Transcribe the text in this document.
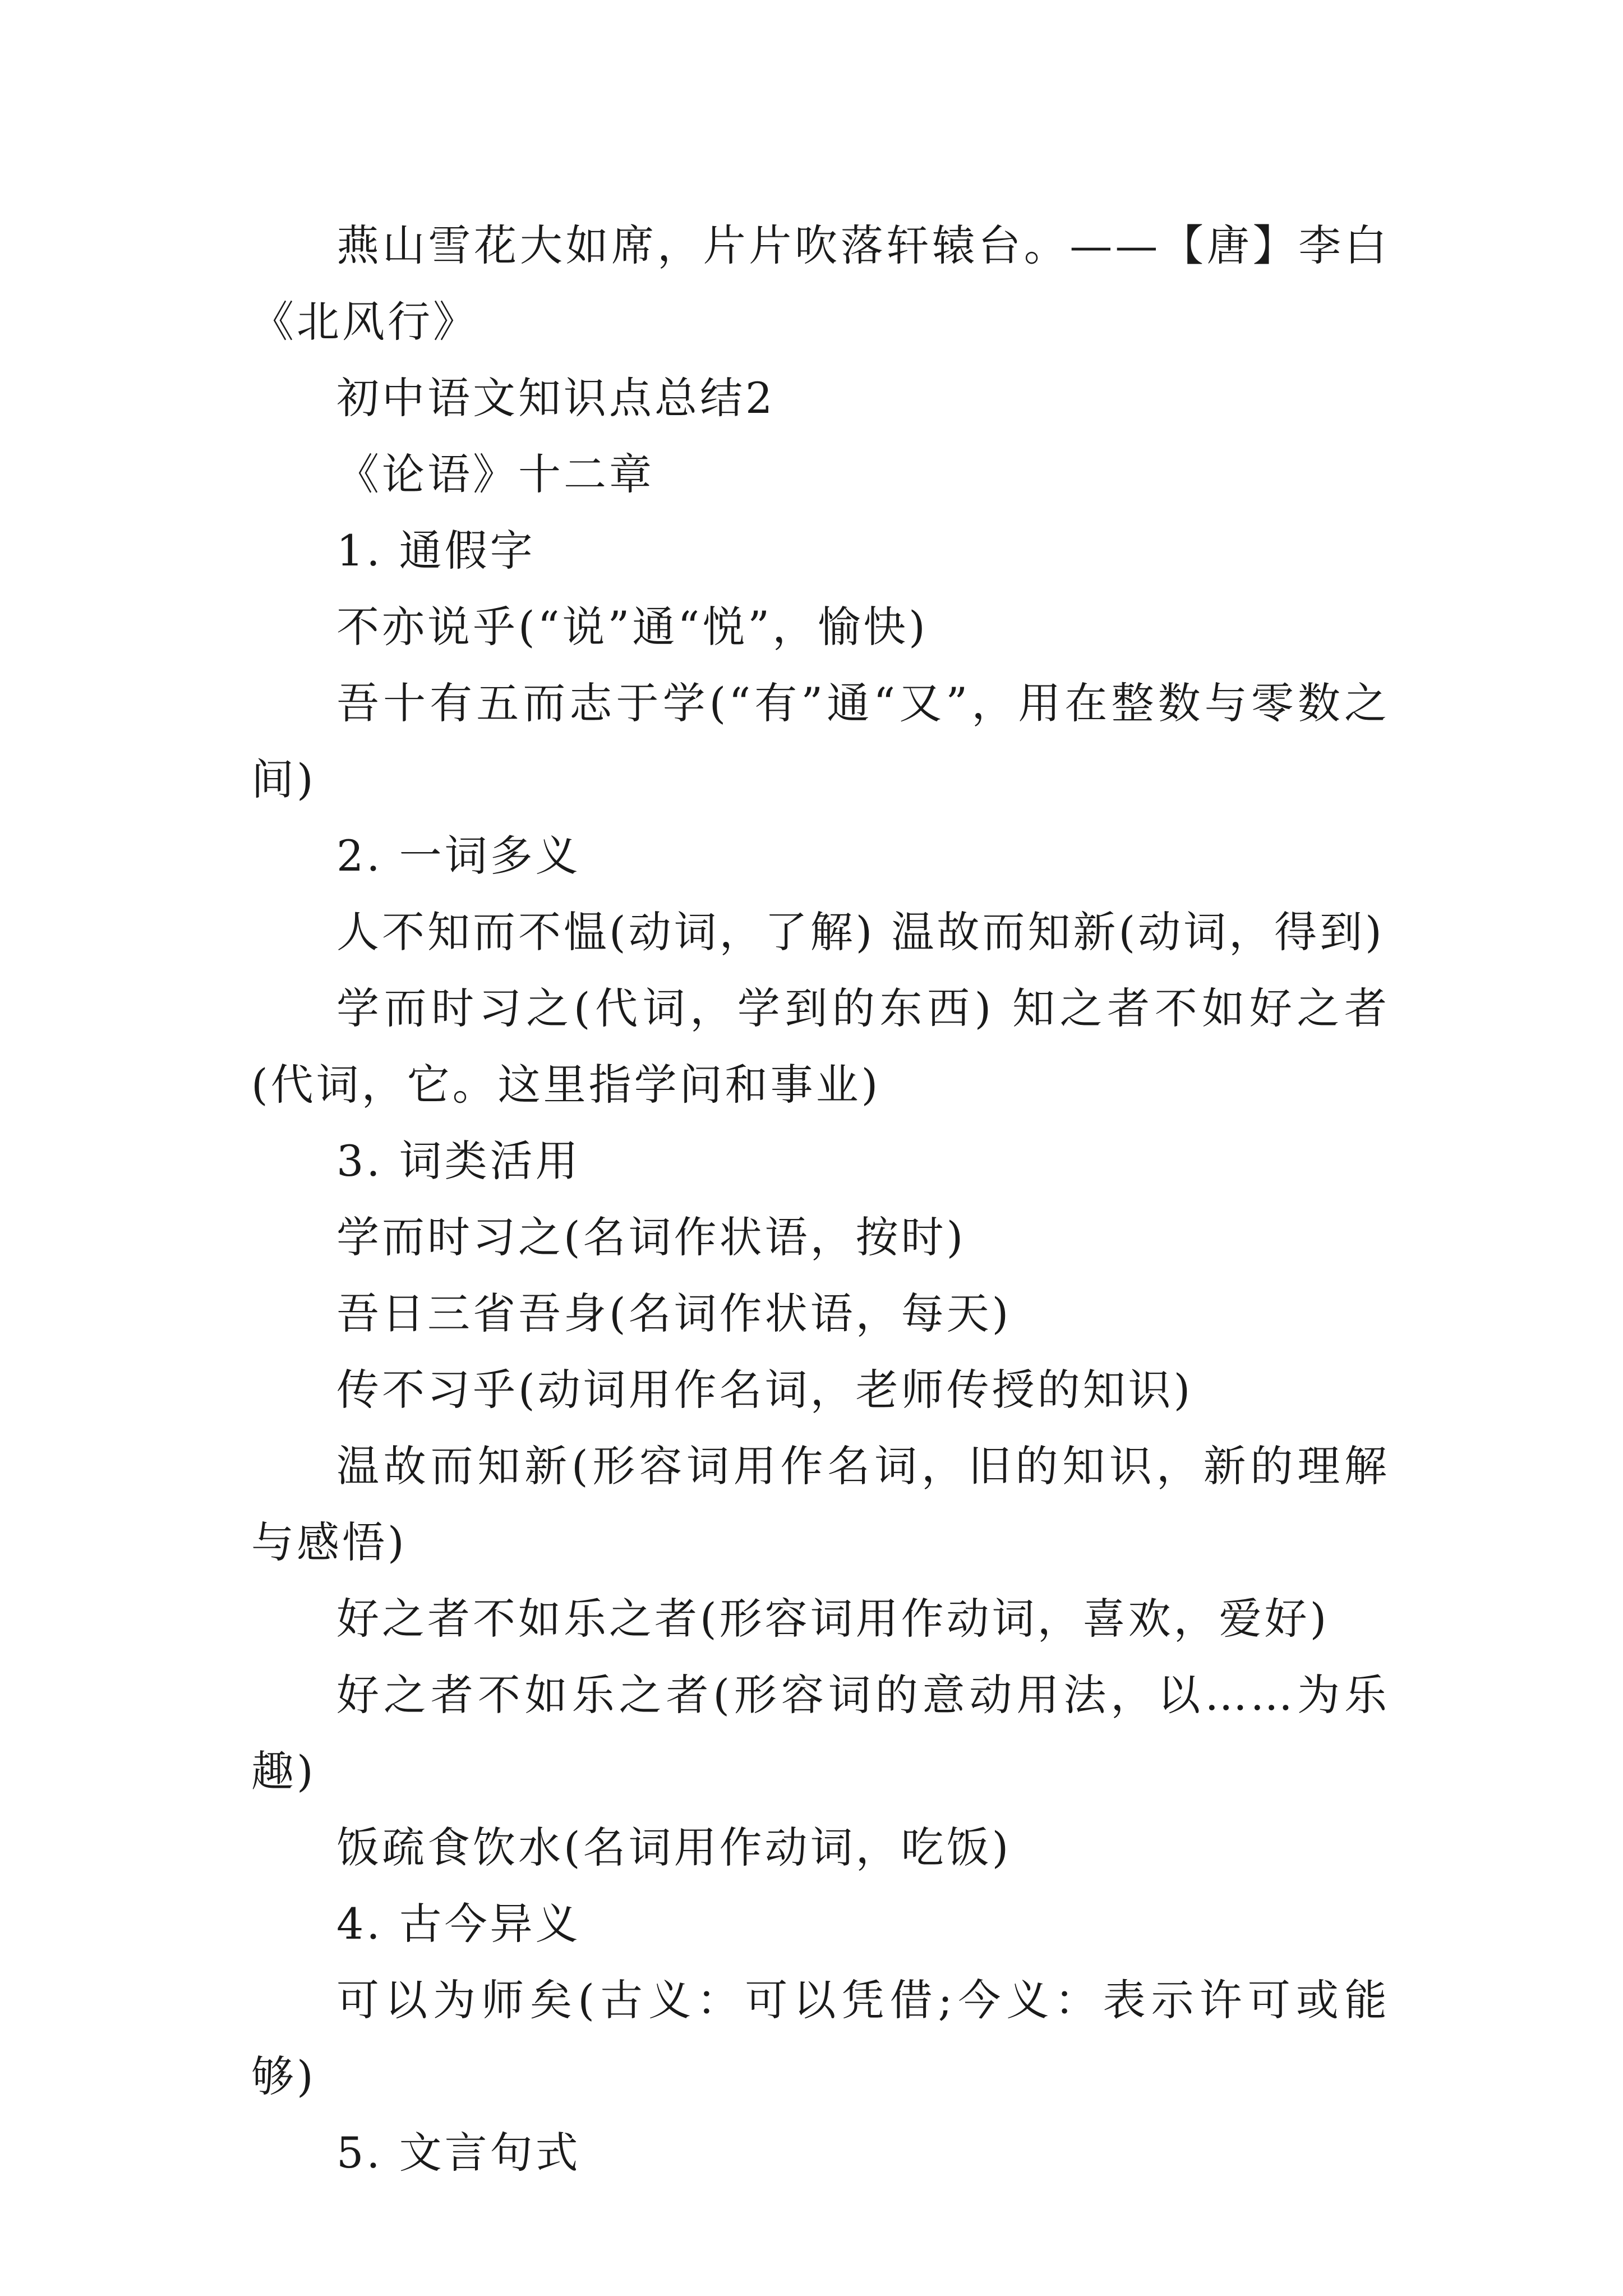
燕山雪花大如席，片片吹落轩辕台。——【唐】李白《北风行》

初中语文知识点总结2

《论语》十二章

1. 通假字

不亦说乎(“说”通“悦”，愉快)

吾十有五而志于学(“有”通“又”，用在整数与零数之间)

2. 一词多义

人不知而不愠(动词，了解) 温故而知新(动词，得到)

学而时习之(代词，学到的东西) 知之者不如好之者(代词，它。这里指学问和事业)

3. 词类活用

学而时习之(名词作状语，按时)

吾日三省吾身(名词作状语，每天)

传不习乎(动词用作名词，老师传授的知识)

温故而知新(形容词用作名词，旧的知识，新的理解与感悟)

好之者不如乐之者(形容词用作动词，喜欢，爱好)

好之者不如乐之者(形容词的意动用法，以……为乐趣)

饭疏食饮水(名词用作动词，吃饭)

4. 古今异义

可以为师矣(古义：可以凭借;今义：表示许可或能够)

5. 文言句式
